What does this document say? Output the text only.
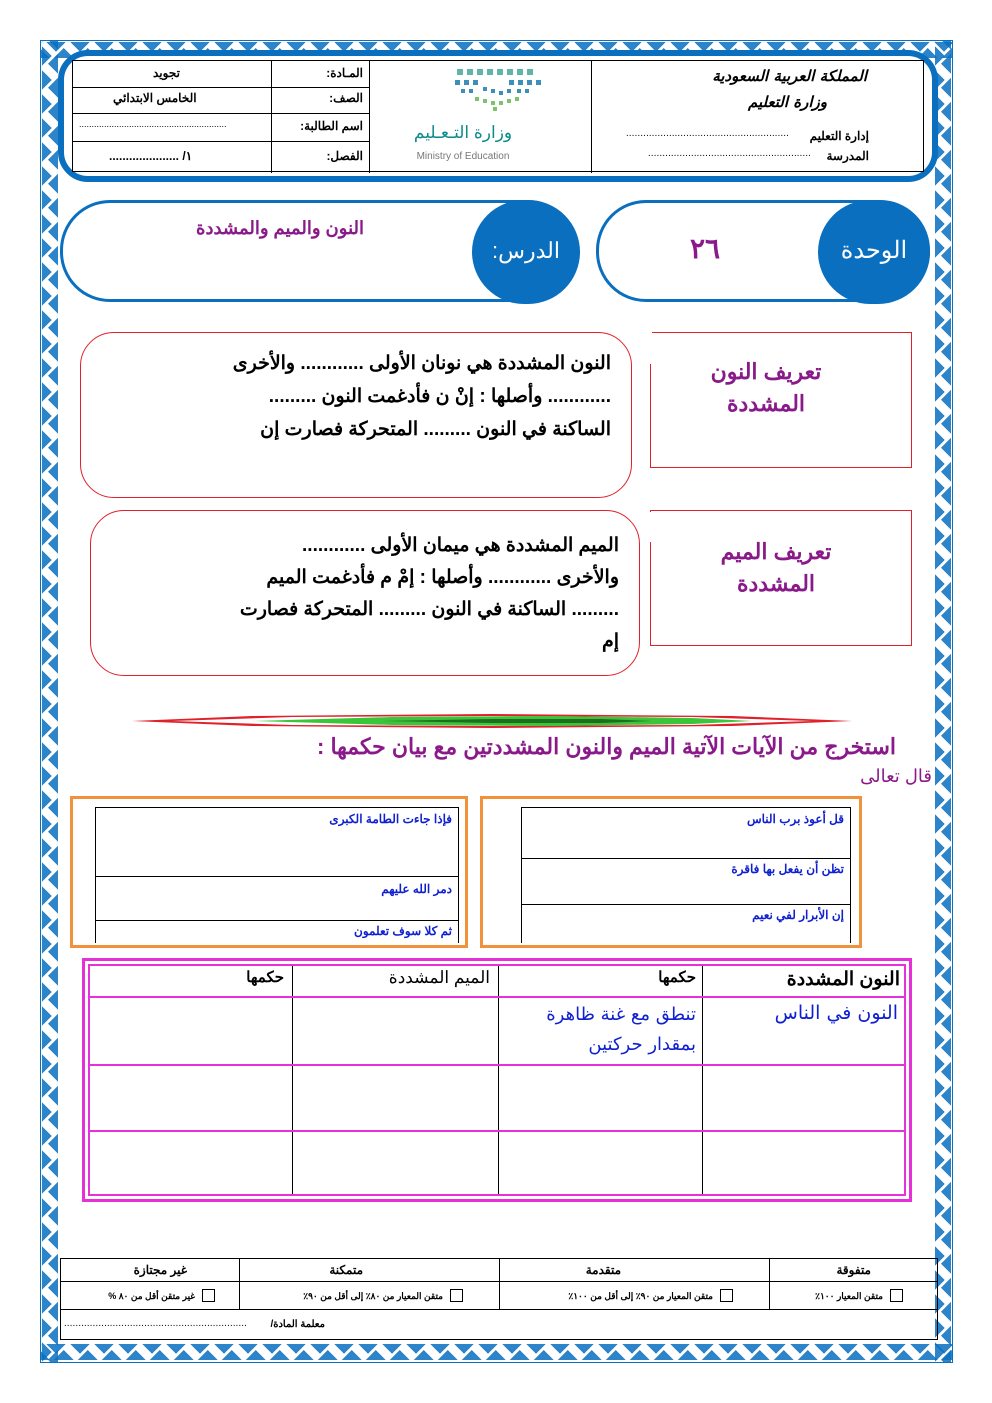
المـادة:
تجويد
الصف:
الخامس الابتدائي
اسم الطالبة:
...........................................................
الفصل:
١/ .....................
وزارة التـعـليم
Ministry of Education
المملكة العربية السعودية
وزارة التعليم
إدارة التعليم
.........................................................
المدرسة
.........................................................
الوحدة
٢٦
الدرس:
النون والميم والمشددة
تعريف النون
المشددة
النون المشددة هي نونان الأولى ............ والأخرى
............ وأصلها : إنْ ن فأدغمت النون .........
الساكنة في النون ......... المتحركة فصارت إن
تعريف الميم
المشددة
الميم المشددة هي ميمان الأولى ............
والأخرى ............ وأصلها : إمْ م فأدغمت الميم
......... الساكنة في النون ......... المتحركة فصارت
إم
استخرج من الآيات الآتية الميم والنون المشددتين مع بيان حكمها :
قال تعالى
قل أعوذ برب الناس
تظن أن يفعل بها فاقرة
إن الأبرار لفي نعيم
فإذا جاءت الطامة الكبرى
دمر الله عليهم
ثم كلا سوف تعلمون
النون المشددة
حكمها
الميم المشددة
حكمها
النون في الناس
تنطق مع غنة ظاهرة
بمقدار حركتين
متفوقة
متقدمة
متمكنة
غير مجتازة
متقن المعيار ١٠٠٪
متقن المعيار من ٩٠٪ إلى أقل من ١٠٠٪
متقن المعيار من ٨٠٪ إلى أقل من ٩٠٪
غير متقن أقل من ٨٠ %
معلمة المادة/
................................................................
